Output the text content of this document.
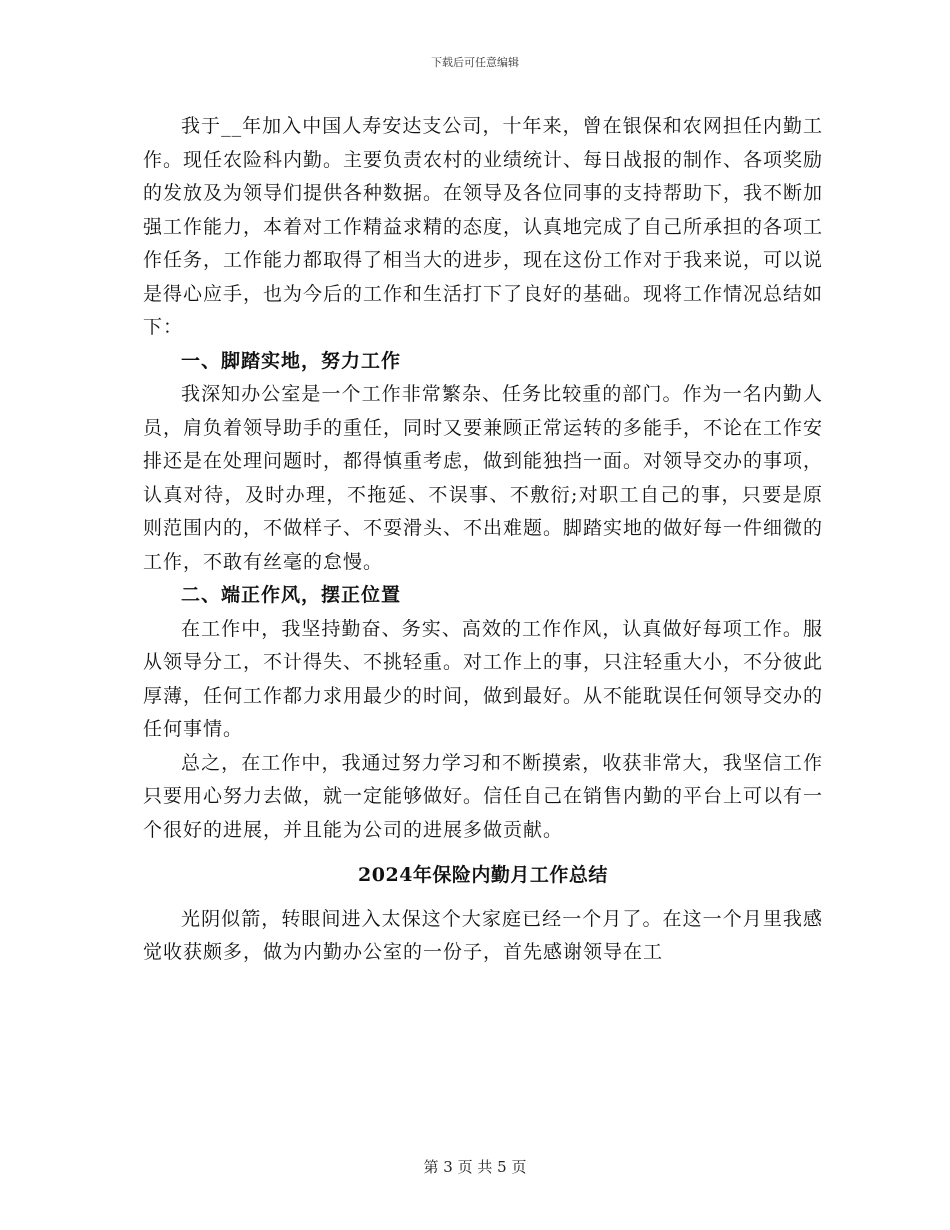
下载后可任意编辑

我于__年加入中国人寿安达支公司，十年来，曾在银保和农网担任内勤工作。现任农险科内勤。主要负责农村的业绩统计、每日战报的制作、各项奖励的发放及为领导们提供各种数据。在领导及各位同事的支持帮助下，我不断加强工作能力，本着对工作精益求精的态度，认真地完成了自己所承担的各项工作任务，工作能力都取得了相当大的进步，现在这份工作对于我来说，可以说是得心应手，也为今后的工作和生活打下了良好的基础。现将工作情况总结如下：

一、脚踏实地，努力工作

我深知办公室是一个工作非常繁杂、任务比较重的部门。作为一名内勤人员，肩负着领导助手的重任，同时又要兼顾正常运转的多能手，不论在工作安排还是在处理问题时，都得慎重考虑，做到能独挡一面。对领导交办的事项，认真对待，及时办理，不拖延、不误事、不敷衍;对职工自己的事，只要是原则范围内的，不做样子、不耍滑头、不出难题。脚踏实地的做好每一件细微的工作，不敢有丝毫的怠慢。

二、端正作风，摆正位置

在工作中，我坚持勤奋、务实、高效的工作作风，认真做好每项工作。服从领导分工，不计得失、不挑轻重。对工作上的事，只注轻重大小，不分彼此厚薄，任何工作都力求用最少的时间，做到最好。从不能耽误任何领导交办的任何事情。

总之，在工作中，我通过努力学习和不断摸索，收获非常大，我坚信工作只要用心努力去做，就一定能够做好。信任自己在销售内勤的平台上可以有一个很好的进展，并且能为公司的进展多做贡献。

2024年保险内勤月工作总结

光阴似箭，转眼间进入太保这个大家庭已经一个月了。在这一个月里我感觉收获颇多，做为内勤办公室的一份子，首先感谢领导在工

第 3 页 共 5 页
